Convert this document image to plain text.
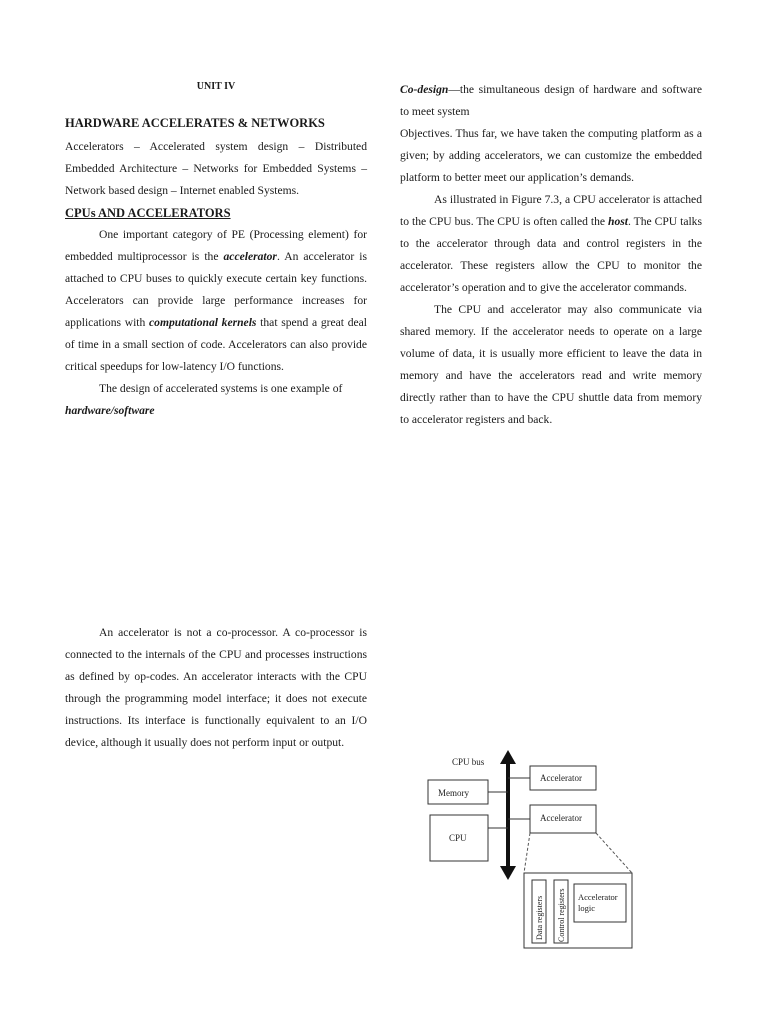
UNIT IV

HARDWARE ACCELERATES & NETWORKS

Accelerators – Accelerated system design – Distributed Embedded Architecture – Networks for Embedded Systems – Network based design – Internet enabled Systems.

CPUs AND ACCELERATORS

One important category of PE (Processing element) for embedded multiprocessor is the accelerator. An accelerator is attached to CPU buses to quickly execute certain key functions. Accelerators can provide large performance increases for applications with computational kernels that spend a great deal of time in a small section of code. Accelerators can also provide critical speedups for low-latency I/O functions.

The design of accelerated systems is one example of
hardware/software

Co-design—the simultaneous design of hardware and software to meet system

Objectives. Thus far, we have taken the computing platform as a given; by adding accelerators, we can customize the embedded platform to better meet our application’s demands.

As illustrated in Figure 7.3, a CPU accelerator is attached to the CPU bus. The CPU is often called the host. The CPU talks to the accelerator through data and control registers in the accelerator. These registers allow the CPU to monitor the accelerator’s operation and to give the accelerator commands.

The CPU and accelerator may also communicate via shared memory. If the accelerator needs to operate on a large volume of data, it is usually more efficient to leave the data in memory and have the accelerators read and write memory directly rather than to have the CPU shuttle data from memory to accelerator registers and back.

An accelerator is not a co-processor. A co-processor is connected to the internals of the CPU and processes instructions as defined by op-codes. An accelerator interacts with the CPU through the programming model interface; it does not execute instructions. Its interface is functionally equivalent to an I/O device, although it usually does not perform input or output.

CPU bus
Memory
CPU
Accelerator
Accelerator
Data registers Control registers Accelerator
logic
